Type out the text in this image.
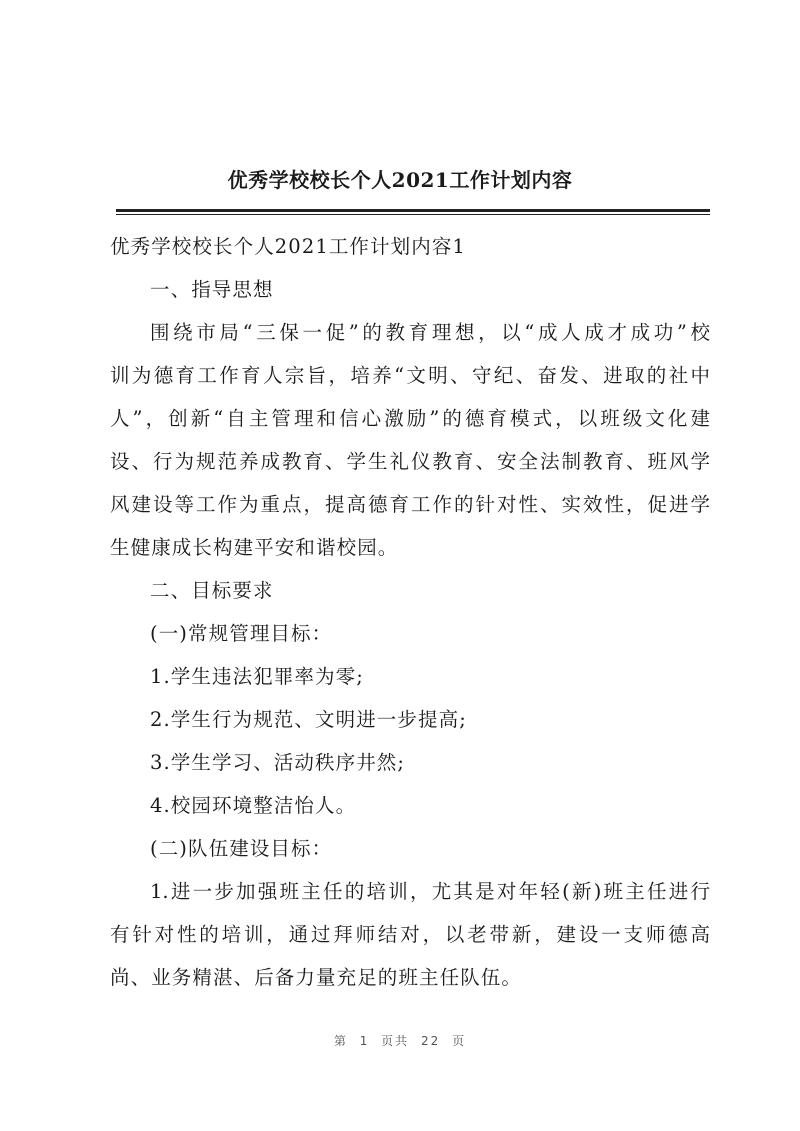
优秀学校校长个人2021工作计划内容
优秀学校校长个人2021工作计划内容1
一、指导思想
围绕市局“三保一促”的教育理想，以“成人成才成功”校
训为德育工作育人宗旨，培养“文明、守纪、奋发、进取的社中
人”，创新“自主管理和信心激励”的德育模式，以班级文化建
设、行为规范养成教育、学生礼仪教育、安全法制教育、班风学
风建设等工作为重点，提高德育工作的针对性、实效性，促进学
生健康成长构建平安和谐校园。
二、目标要求
(一)常规管理目标：
1.学生违法犯罪率为零;
2.学生行为规范、文明进一步提高;
3.学生学习、活动秩序井然;
4.校园环境整洁怡人。
(二)队伍建设目标：
1.进一步加强班主任的培训，尤其是对年轻(新)班主任进行
有针对性的培训，通过拜师结对，以老带新，建设一支师德高
尚、业务精湛、后备力量充足的班主任队伍。
第 1 页共 22 页
